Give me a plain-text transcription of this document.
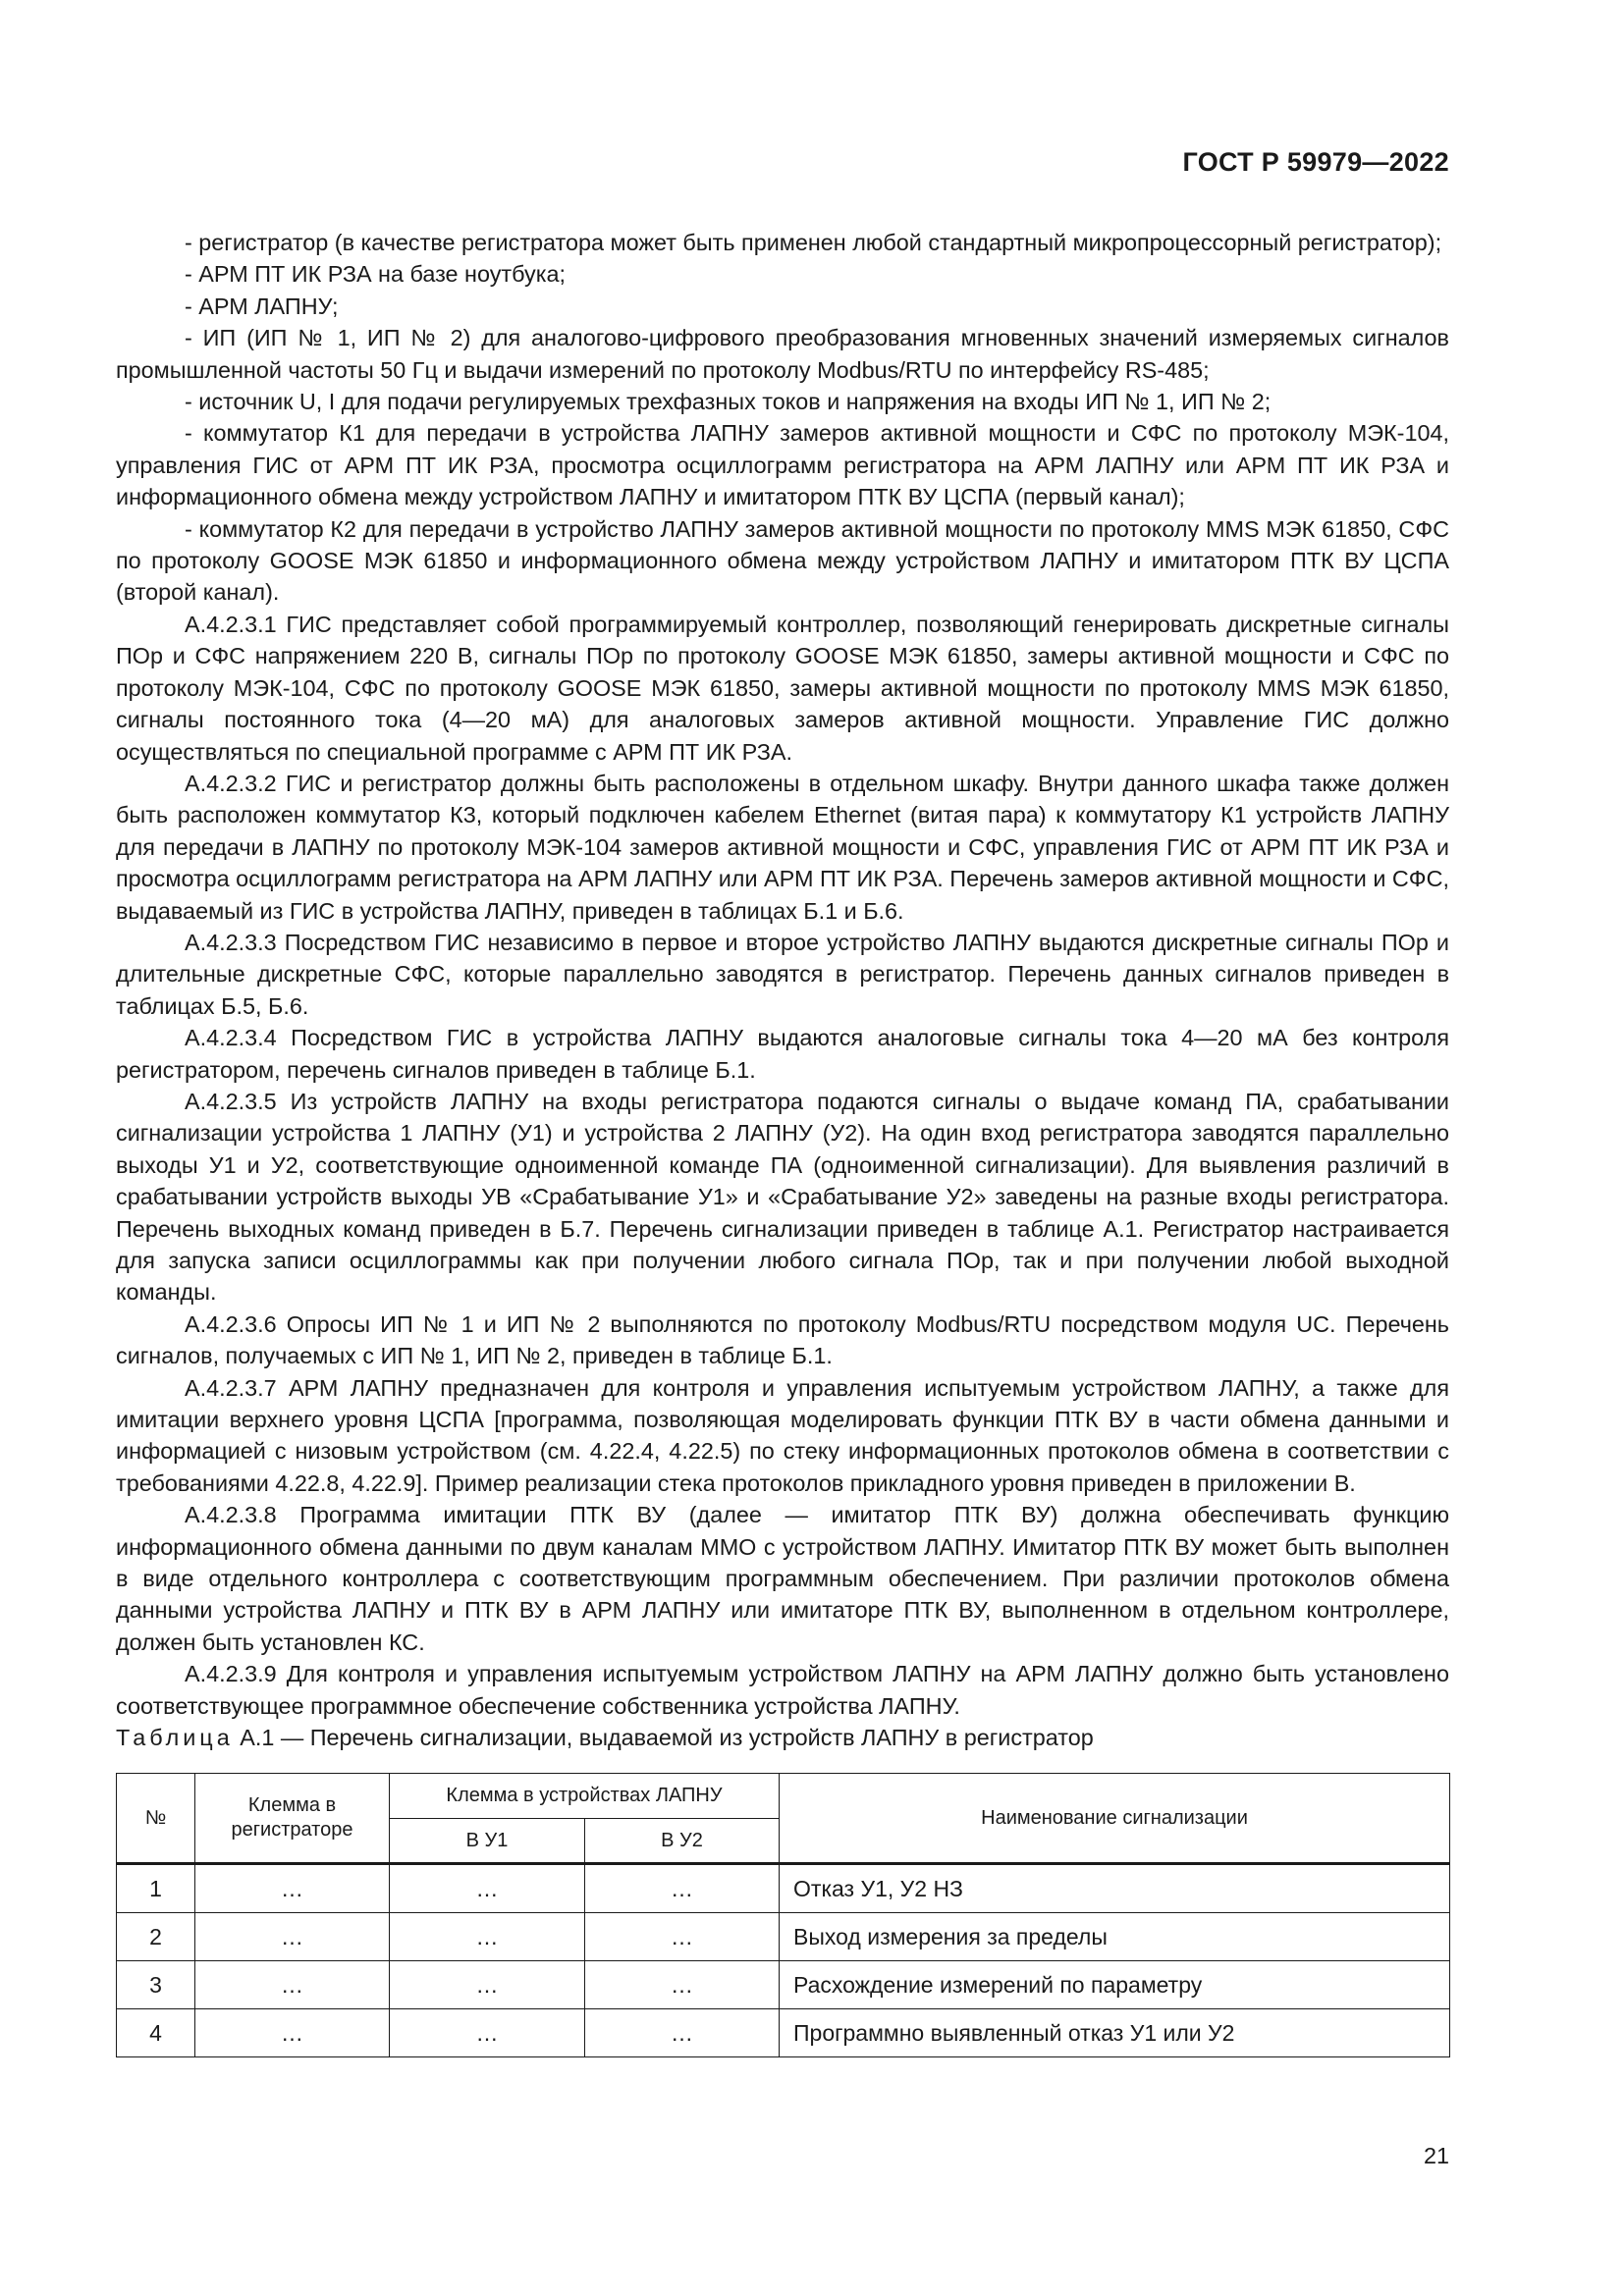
ГОСТ Р 59979—2022

- регистратор (в качестве регистратора может быть применен любой стандартный микропроцессорный регистратор);

- АРМ ПТ ИК РЗА на базе ноутбука;

- АРМ ЛАПНУ;

- ИП (ИП № 1, ИП № 2) для аналогово-цифрового преобразования мгновенных значений измеряемых сигналов промышленной частоты 50 Гц и выдачи измерений по протоколу Modbus/RTU по интерфейсу RS-485;

- источник U, I для подачи регулируемых трехфазных токов и напряжения на входы ИП № 1, ИП № 2;

- коммутатор К1 для передачи в устройства ЛАПНУ замеров активной мощности и СФС по протоколу МЭК-104, управления ГИС от АРМ ПТ ИК РЗА, просмотра осциллограмм регистратора на АРМ ЛАПНУ или АРМ ПТ ИК РЗА и информационного обмена между устройством ЛАПНУ и имитатором ПТК ВУ ЦСПА (первый канал);

- коммутатор К2 для передачи в устройство ЛАПНУ замеров активной мощности по протоколу MMS МЭК 61850, СФС по протоколу GOOSE МЭК 61850 и информационного обмена между устройством ЛАПНУ и имитатором ПТК ВУ ЦСПА (второй канал).

А.4.2.3.1 ГИС представляет собой программируемый контроллер, позволяющий генерировать дискретные сигналы ПОр и СФС напряжением 220 В, сигналы ПОр по протоколу GOOSE МЭК 61850, замеры активной мощности и СФС по протоколу МЭК-104, СФС по протоколу GOOSE МЭК 61850, замеры активной мощности по протоколу MMS МЭК 61850, сигналы постоянного тока (4—20 мА) для аналоговых замеров активной мощности. Управление ГИС должно осуществляться по специальной программе с АРМ ПТ ИК РЗА.

А.4.2.3.2 ГИС и регистратор должны быть расположены в отдельном шкафу. Внутри данного шкафа также должен быть расположен коммутатор К3, который подключен кабелем Ethernet (витая пара) к коммутатору К1 устройств ЛАПНУ для передачи в ЛАПНУ по протоколу МЭК-104 замеров активной мощности и СФС, управления ГИС от АРМ ПТ ИК РЗА и просмотра осциллограмм регистратора на АРМ ЛАПНУ или АРМ ПТ ИК РЗА. Перечень замеров активной мощности и СФС, выдаваемый из ГИС в устройства ЛАПНУ, приведен в таблицах Б.1 и Б.6.

А.4.2.3.3 Посредством ГИС независимо в первое и второе устройство ЛАПНУ выдаются дискретные сигналы ПОр и длительные дискретные СФС, которые параллельно заводятся в регистратор. Перечень данных сигналов приведен в таблицах Б.5, Б.6.

А.4.2.3.4 Посредством ГИС в устройства ЛАПНУ выдаются аналоговые сигналы тока 4—20 мА без контроля регистратором, перечень сигналов приведен в таблице Б.1.

А.4.2.3.5 Из устройств ЛАПНУ на входы регистратора подаются сигналы о выдаче команд ПА, срабатывании сигнализации устройства 1 ЛАПНУ (У1) и устройства 2 ЛАПНУ (У2). На один вход регистратора заводятся параллельно выходы У1 и У2, соответствующие одноименной команде ПА (одноименной сигнализации). Для выявления различий в срабатывании устройств выходы УВ «Срабатывание У1» и «Срабатывание У2» заведены на разные входы регистратора. Перечень выходных команд приведен в Б.7. Перечень сигнализации приведен в таблице А.1. Регистратор настраивается для запуска записи осциллограммы как при получении любого сигнала ПОр, так и при получении любой выходной команды.

А.4.2.3.6 Опросы ИП № 1 и ИП № 2 выполняются по протоколу Modbus/RTU посредством модуля UC. Перечень сигналов, получаемых с ИП № 1, ИП № 2, приведен в таблице Б.1.

А.4.2.3.7 АРМ ЛАПНУ предназначен для контроля и управления испытуемым устройством ЛАПНУ, а также для имитации верхнего уровня ЦСПА [программа, позволяющая моделировать функции ПТК ВУ в части обмена данными и информацией с низовым устройством (см. 4.22.4, 4.22.5) по стеку информационных протоколов обмена в соответствии с требованиями 4.22.8, 4.22.9]. Пример реализации стека протоколов прикладного уровня приведен в приложении В.

А.4.2.3.8 Программа имитации ПТК ВУ (далее — имитатор ПТК ВУ) должна обеспечивать функцию информационного обмена данными по двум каналам ММО с устройством ЛАПНУ. Имитатор ПТК ВУ может быть выполнен в виде отдельного контроллера с соответствующим программным обеспечением. При различии протоколов обмена данными устройства ЛАПНУ и ПТК ВУ в АРМ ЛАПНУ или имитаторе ПТК ВУ, выполненном в отдельном контроллере, должен быть установлен КС.

А.4.2.3.9 Для контроля и управления испытуемым устройством ЛАПНУ на АРМ ЛАПНУ должно быть установлено соответствующее программное обеспечение собственника устройства ЛАПНУ.

Таблица А.1 — Перечень сигнализации, выдаваемой из устройств ЛАПНУ в регистратор
№	Клемма в регистраторе	Клемма в устройствах ЛАПНУ		Наименование сигнализации
		В У1	В У2	
1	…	…	…	Отказ У1, У2 НЗ
2	…	…	…	Выход измерения за пределы
3	…	…	…	Расхождение измерений по параметру
4	…	…	…	Программно выявленный отказ У1 или У2
21
